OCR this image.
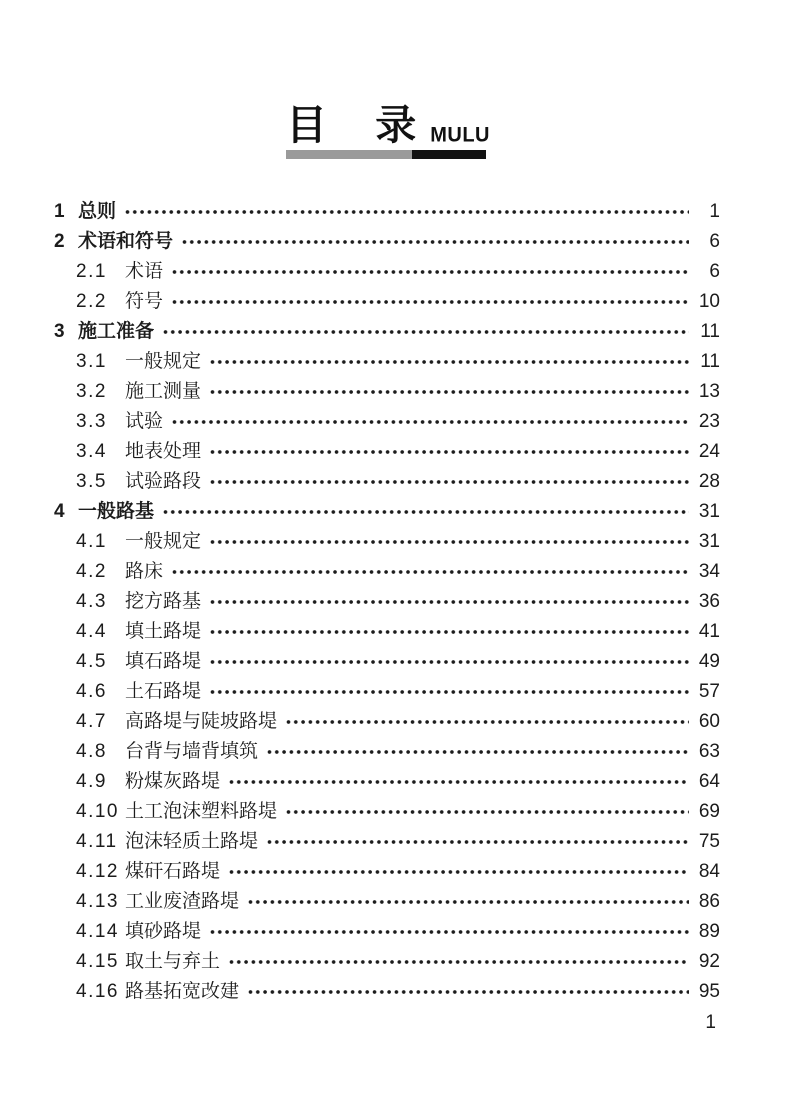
目 录 MULU
1 总则	1
2 术语和符号	6
2.1 术语	6
2.2 符号	10
3 施工准备	11
3.1 一般规定	11
3.2 施工测量	13
3.3 试验	23
3.4 地表处理	24
3.5 试验路段	28
4 一般路基	31
4.1 一般规定	31
4.2 路床	34
4.3 挖方路基	36
4.4 填土路堤	41
4.5 填石路堤	49
4.6 土石路堤	57
4.7 高路堤与陡坡路堤	60
4.8 台背与墙背填筑	63
4.9 粉煤灰路堤	64
4.10 土工泡沫塑料路堤	69
4.11 泡沫轻质土路堤	75
4.12 煤矸石路堤	84
4.13 工业废渣路堤	86
4.14 填砂路堤	89
4.15 取土与弃土	92
4.16 路基拓宽改建	95
1
